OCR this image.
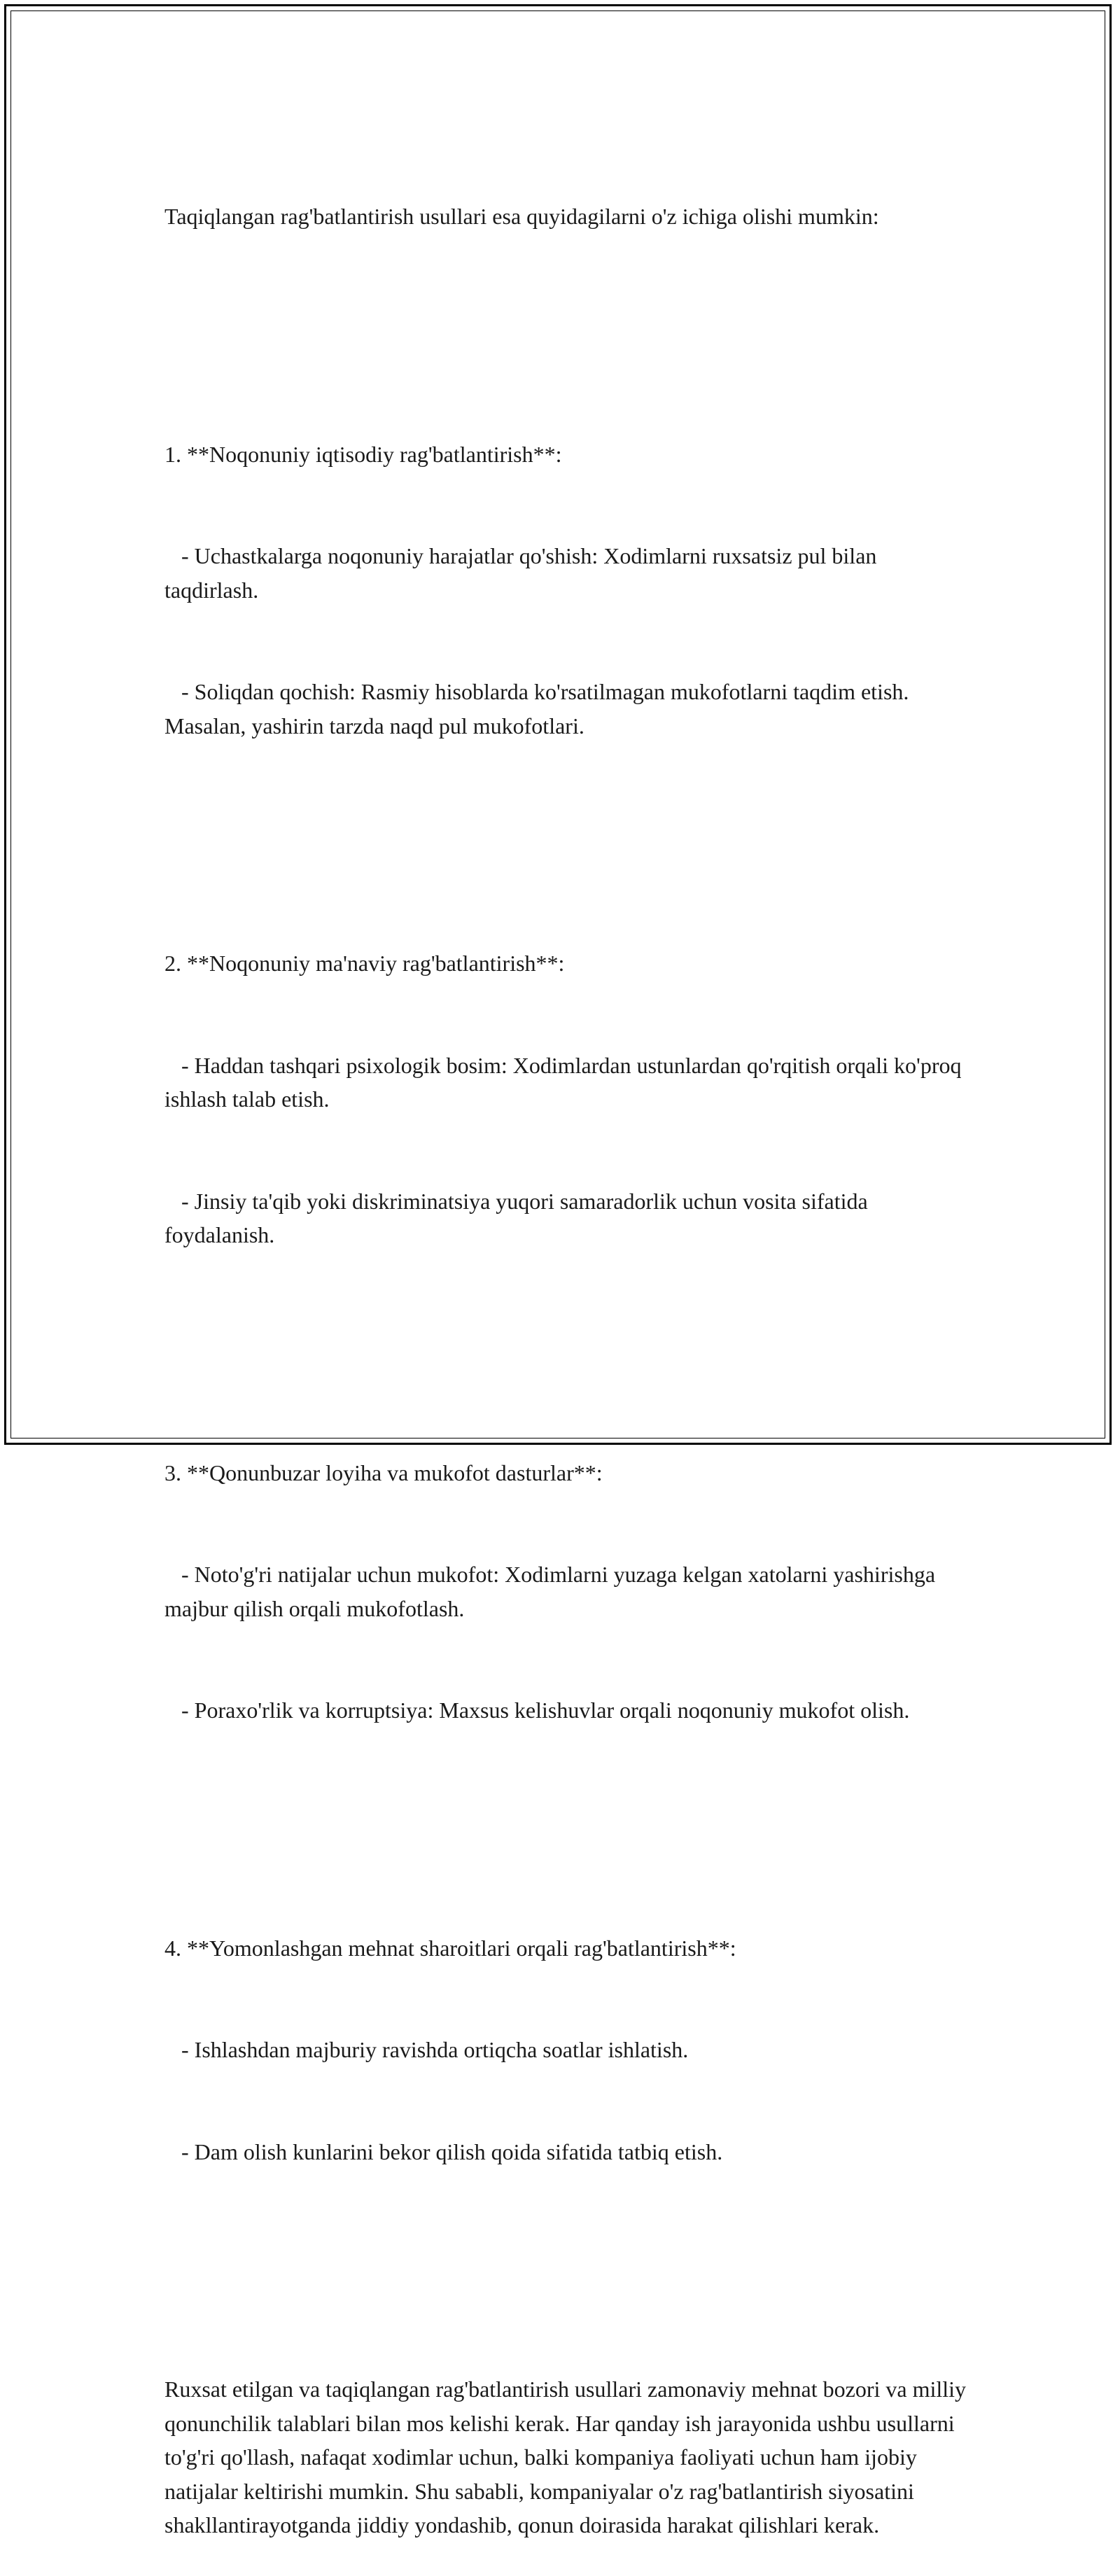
Taqiqlangan rag'batlantirish usullari esa quyidagilarni o'z ichiga olishi mumkin:

1. **Noqonuniy iqtisodiy rag'batlantirish**:

- Uchastkalarga noqonuniy harajatlar qo'shish: Xodimlarni ruxsatsiz pul bilan taqdirlash.

- Soliqdan qochish: Rasmiy hisoblarda ko'rsatilmagan mukofotlarni taqdim etish. Masalan, yashirin tarzda naqd pul mukofotlari.

2. **Noqonuniy ma'naviy rag'batlantirish**:

- Haddan tashqari psixologik bosim: Xodimlardan ustunlardan qo'rqitish orqali ko'proq ishlash talab etish.

- Jinsiy ta'qib yoki diskriminatsiya yuqori samaradorlik uchun vosita sifatida foydalanish.

3. **Qonunbuzar loyiha va mukofot dasturlar**:

- Noto'g'ri natijalar uchun mukofot: Xodimlarni yuzaga kelgan xatolarni yashirishga majbur qilish orqali mukofotlash.

- Poraxo'rlik va korruptsiya: Maxsus kelishuvlar orqali noqonuniy mukofot olish.

4. **Yomonlashgan mehnat sharoitlari orqali rag'batlantirish**:

- Ishlashdan majburiy ravishda ortiqcha soatlar ishlatish.

- Dam olish kunlarini bekor qilish qoida sifatida tatbiq etish.

Ruxsat etilgan va taqiqlangan rag'batlantirish usullari zamonaviy mehnat bozori va milliy qonunchilik talablari bilan mos kelishi kerak. Har qanday ish jarayonida ushbu usullarni to'g'ri qo'llash, nafaqat xodimlar uchun, balki kompaniya faoliyati uchun ham ijobiy natijalar keltirishi mumkin. Shu sababli, kompaniyalar o'z rag'batlantirish siyosatini shakllantirayotganda jiddiy yondashib, qonun doirasida harakat qilishlari kerak.
